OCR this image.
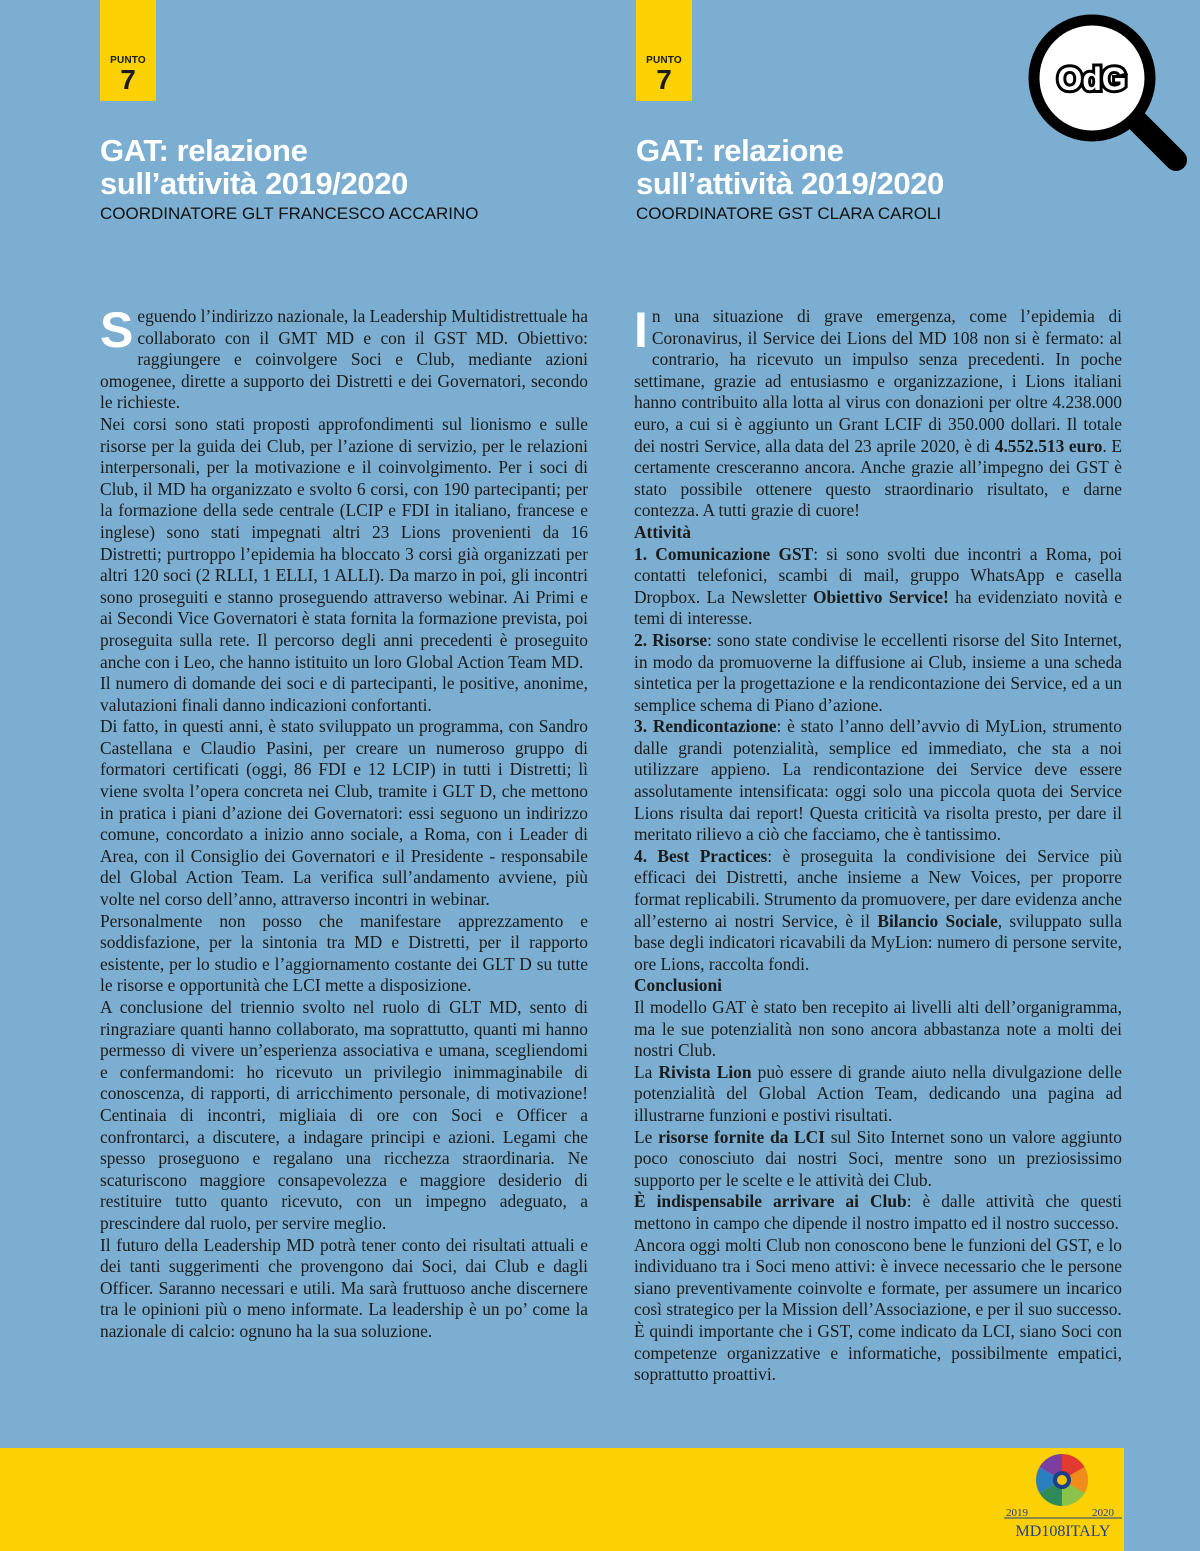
PUNTO
7
GAT: relazione
sull’attività 2019/2020
COORDINATORE GLT FRANCESCO ACCARINO
PUNTO
7
GAT: relazione
sull’attività 2019/2020
COORDINATORE GST CLARA CAROLI
OdG

Seguendo l’indirizzo nazionale, la Leadership Multidistrettuale ha collaborato con il GMT MD e con il GST MD. Obiettivo: raggiungere e coinvolgere Soci e Club, mediante azioni omogenee, dirette a supporto dei Distretti e dei Governatori, secondo le richieste.

Nei corsi sono stati proposti approfondimenti sul lionismo e sulle risorse per la guida dei Club, per l’azione di servizio, per le relazioni interpersonali, per la motivazione e il coinvolgimento. Per i soci di Club, il MD ha organizzato e svolto 6 corsi, con 190 partecipanti; per la formazione della sede centrale (LCIP e FDI in italiano, francese e inglese) sono stati impegnati altri 23 Lions provenienti da 16 Distretti; purtroppo l’epidemia ha bloccato 3 corsi già organizzati per altri 120 soci (2 RLLI, 1 ELLI, 1 ALLI). Da marzo in poi, gli incontri sono proseguiti e stanno proseguendo attraverso webinar. Ai Primi e ai Secondi Vice Governatori è stata fornita la formazione prevista, poi proseguita sulla rete. Il percorso degli anni precedenti è proseguito anche con i Leo, che hanno istituito un loro Global Action Team MD.

Il numero di domande dei soci e di partecipanti, le positive, anonime, valutazioni finali danno indicazioni confortanti.

Di fatto, in questi anni, è stato sviluppato un programma, con Sandro Castellana e Claudio Pasini, per creare un numeroso gruppo di formatori certificati (oggi, 86 FDI e 12 LCIP) in tutti i Distretti; lì viene svolta l’opera concreta nei Club, tramite i GLT D, che mettono in pratica i piani d’azione dei Governatori: essi seguono un indirizzo comune, concordato a inizio anno sociale, a Roma, con i Leader di Area, con il Consiglio dei Governatori e il Presidente - responsabile del Global Action Team. La verifica sull’andamento avviene, più volte nel corso dell’anno, attraverso incontri in webinar.

Personalmente non posso che manifestare apprezzamento e soddisfazione, per la sintonia tra MD e Distretti, per il rapporto esistente, per lo studio e l’aggiornamento costante dei GLT D su tutte le risorse e opportunità che LCI mette a disposizione.

A conclusione del triennio svolto nel ruolo di GLT MD, sento di ringraziare quanti hanno collaborato, ma soprattutto, quanti mi hanno permesso di vivere un’esperienza associativa e umana, scegliendomi e confermandomi: ho ricevuto un privilegio inimmaginabile di conoscenza, di rapporti, di arricchimento personale, di motivazione! Centinaia di incontri, migliaia di ore con Soci e Officer a confrontarci, a discutere, a indagare principi e azioni. Legami che spesso proseguono e regalano una ricchezza straordinaria. Ne scaturiscono maggiore consapevolezza e maggiore desiderio di restituire tutto quanto ricevuto, con un impegno adeguato, a prescindere dal ruolo, per servire meglio.

Il futuro della Leadership MD potrà tener conto dei risultati attuali e dei tanti suggerimenti che provengono dai Soci, dai Club e dagli Officer. Saranno necessari e utili. Ma sarà fruttuoso anche discernere tra le opinioni più o meno informate. La leadership è un po’ come la nazionale di calcio: ognuno ha la sua soluzione.

In una situazione di grave emergenza, come l’epidemia di Coronavirus, il Service dei Lions del MD 108 non si è fermato: al contrario, ha ricevuto un impulso senza precedenti. In poche settimane, grazie ad entusiasmo e organizzazione, i Lions italiani hanno contribuito alla lotta al virus con donazioni per oltre 4.238.000 euro, a cui si è aggiunto un Grant LCIF di 350.000 dollari. Il totale dei nostri Service, alla data del 23 aprile 2020, è di 4.552.513 euro. E certamente cresceranno ancora. Anche grazie all’impegno dei GST è stato possibile ottenere questo straordinario risultato, e darne contezza. A tutti grazie di cuore!

Attività

1. Comunicazione GST: si sono svolti due incontri a Roma, poi contatti telefonici, scambi di mail, gruppo WhatsApp e casella Dropbox. La Newsletter Obiettivo Service! ha evidenziato novità e temi di interesse.

2. Risorse: sono state condivise le eccellenti risorse del Sito Internet, in modo da promuoverne la diffusione ai Club, insieme a una scheda sintetica per la progettazione e la rendicontazione dei Service, ed a un semplice schema di Piano d’azione.

3. Rendicontazione: è stato l’anno dell’avvio di MyLion, strumento dalle grandi potenzialità, semplice ed immediato, che sta a noi utilizzare appieno. La rendicontazione dei Service deve essere assolutamente intensificata: oggi solo una piccola quota dei Service Lions risulta dai report! Questa criticità va risolta presto, per dare il meritato rilievo a ciò che facciamo, che è tantissimo.

4. Best Practices: è proseguita la condivisione dei Service più efficaci dei Distretti, anche insieme a New Voices, per proporre format replicabili. Strumento da promuovere, per dare evidenza anche all’esterno ai nostri Service, è il Bilancio Sociale, sviluppato sulla base degli indicatori ricavabili da MyLion: numero di persone servite, ore Lions, raccolta fondi.

Conclusioni

Il modello GAT è stato ben recepito ai livelli alti dell’organigramma, ma le sue potenzialità non sono ancora abbastanza note a molti dei nostri Club.

La Rivista Lion può essere di grande aiuto nella divulgazione delle potenzialità del Global Action Team, dedicando una pagina ad illustrarne funzioni e postivi risultati.

Le risorse fornite da LCI sul Sito Internet sono un valore aggiunto poco conosciuto dai nostri Soci, mentre sono un preziosissimo supporto per le scelte e le attività dei Club.

È indispensabile arrivare ai Club: è dalle attività che questi mettono in campo che dipende il nostro impatto ed il nostro successo.

Ancora oggi molti Club non conoscono bene le funzioni del GST, e lo individuano tra i Soci meno attivi: è invece necessario che le persone siano preventivamente coinvolte e formate, per assumere un incarico così strategico per la Mission dell’Associazione, e per il suo successo.

È quindi importante che i GST, come indicato da LCI, siano Soci con competenze organizzative e informatiche, possibilmente empatici, soprattutto proattivi.

2019	2020
MD108ITALY
